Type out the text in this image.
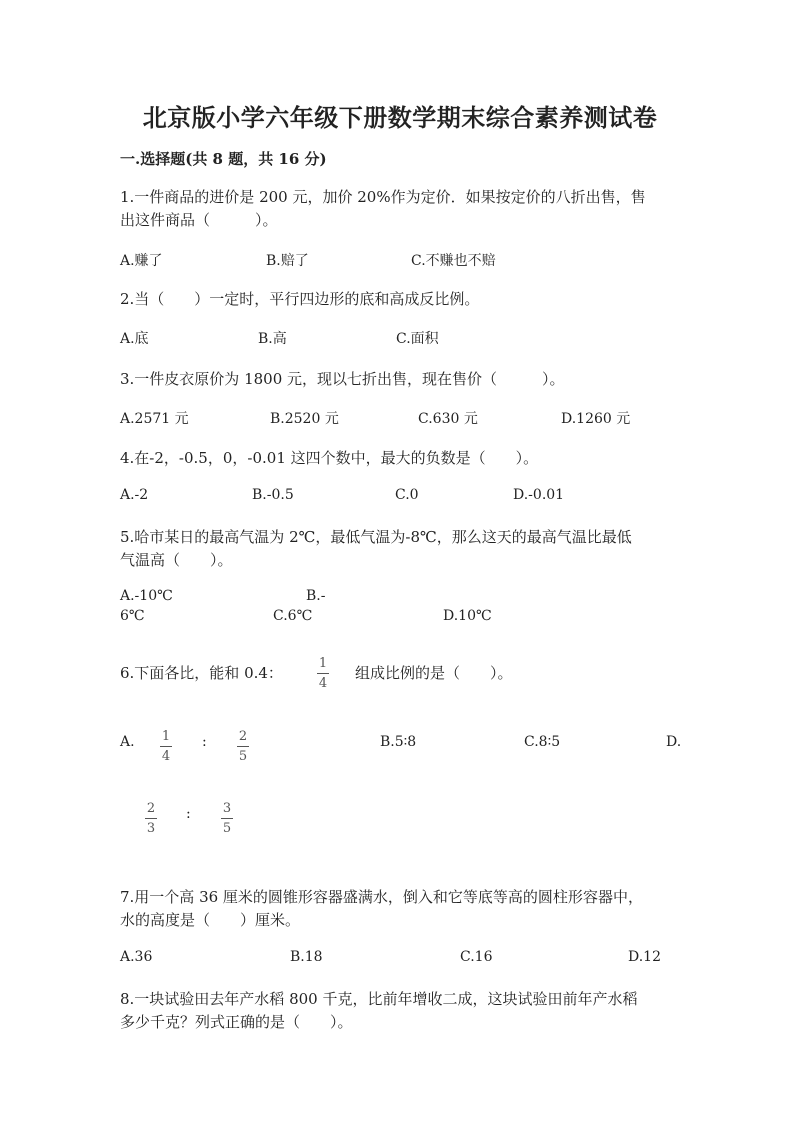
北京版小学六年级下册数学期末综合素养测试卷
一.选择题(共 8 题，共 16 分)
1.一件商品的进价是 200 元，加价 20%作为定价．如果按定价的八折出售，售
出这件商品（　　　）。
A.赚了	B.赔了	C.不赚也不赔
2.当（　　）一定时，平行四边形的底和高成反比例。
A.底	B.高	C.面积
3.一件皮衣原价为 1800 元，现以七折出售，现在售价（　　　）。
A.2571 元	B.2520 元	C.630 元	D.1260 元
4.在-2，-0.5，0，-0.01 这四个数中，最大的负数是（　　）。
A.-2	B.-0.5	C.0	D.-0.01
5.哈市某日的最高气温为 2℃，最低气温为-8℃，那么这天的最高气温比最低
气温高（　　）。
A.-10℃	B.-
6℃	C.6℃	D.10℃
6.下面各比，能和 0.4：
1
4
组成比例的是（　　）。
A. 1
4
: 2
5
B.5∶8	C.8∶5	D.
2
3
: 3
5
7.用一个高 36 厘米的圆锥形容器盛满水，倒入和它等底等高的圆柱形容器中，
水的高度是（　　）厘米。
A.36	B.18	C.16	D.12
8.一块试验田去年产水稻 800 千克，比前年增收二成，这块试验田前年产水稻
多少千克？列式正确的是（　　）。
